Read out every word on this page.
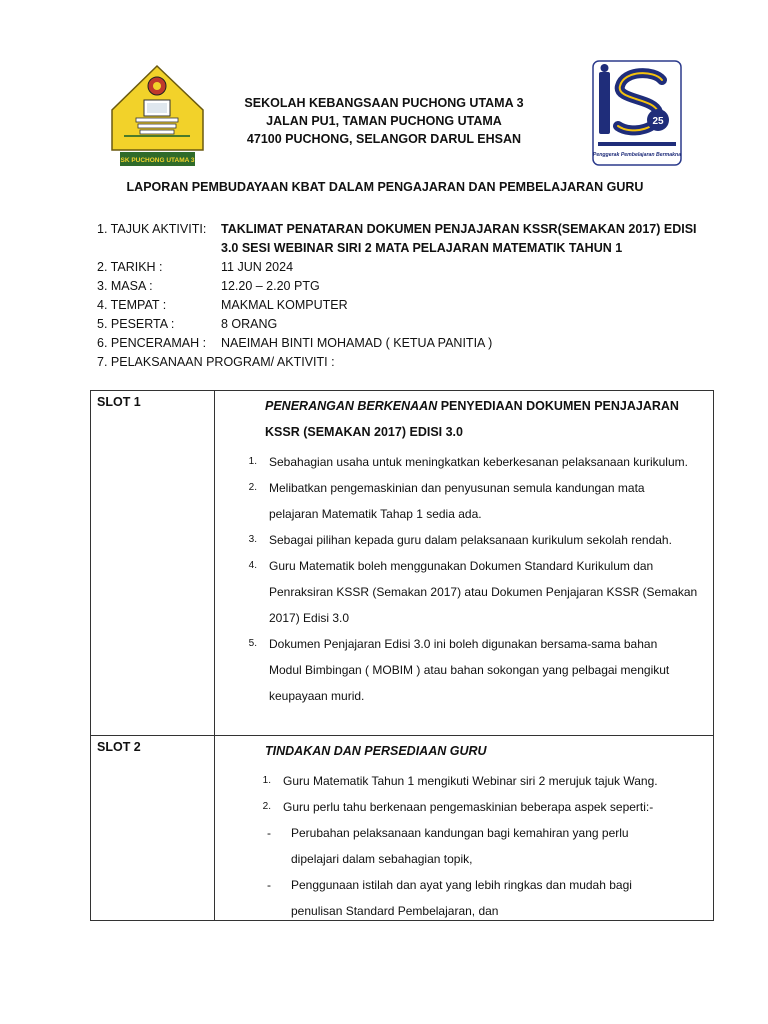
SK PUCHONG UTAMA 3
25
Penggerak Pembelajaran Bermakna
SEKOLAH KEBANGSAAN PUCHONG UTAMA 3
JALAN PU1, TAMAN PUCHONG UTAMA
47100 PUCHONG, SELANGOR DARUL EHSAN
LAPORAN PEMBUDAYAAN KBAT DALAM PENGAJARAN DAN PEMBELAJARAN GURU
1. TAJUK AKTIVITI:	TAKLIMAT PENATARAN DOKUMEN PENJAJARAN KSSR(SEMAKAN 2017) EDISI
3.0 SESI WEBINAR SIRI 2 MATA PELAJARAN MATEMATIK TAHUN 1
2. TARIKH :	11 JUN 2024
3. MASA :	12.20 – 2.20 PTG
4. TEMPAT :	MAKMAL KOMPUTER
5. PESERTA :	8 ORANG
6. PENCERAMAH :	NAEIMAH BINTI MOHAMAD ( KETUA PANITIA )
7. PELAKSANAAN PROGRAM/ AKTIVITI :
SLOT 1	PENERANGAN BERKENAAN PENYEDIAAN DOKUMEN PENJAJARAN
KSSR (SEMAKAN 2017) EDISI 3.0
1.	Sebahagian usaha untuk meningkatkan keberkesanan pelaksanaan kurikulum.
2.	Melibatkan pengemaskinian dan penyusunan semula kandungan mata
pelajaran Matematik Tahap 1 sedia ada.
3.	Sebagai pilihan kepada guru dalam pelaksanaan kurikulum sekolah rendah.
4.	Guru Matematik boleh menggunakan Dokumen Standard Kurikulum dan
Penraksiran KSSR (Semakan 2017) atau Dokumen Penjajaran KSSR (Semakan
2017) Edisi 3.0
5.	Dokumen Penjajaran Edisi 3.0 ini boleh digunakan bersama-sama bahan
Modul Bimbingan ( MOBIM ) atau bahan sokongan yang pelbagai mengikut
keupayaan murid.
SLOT 2	TINDAKAN DAN PERSEDIAAN GURU
1.	Guru Matematik Tahun 1 mengikuti Webinar siri 2 merujuk tajuk Wang.
2.	Guru perlu tahu berkenaan pengemaskinian beberapa aspek seperti:-
-	Perubahan pelaksanaan kandungan bagi kemahiran yang perlu
dipelajari dalam sebahagian topik,
-	Penggunaan istilah dan ayat yang lebih ringkas dan mudah bagi
penulisan Standard Pembelajaran, dan
